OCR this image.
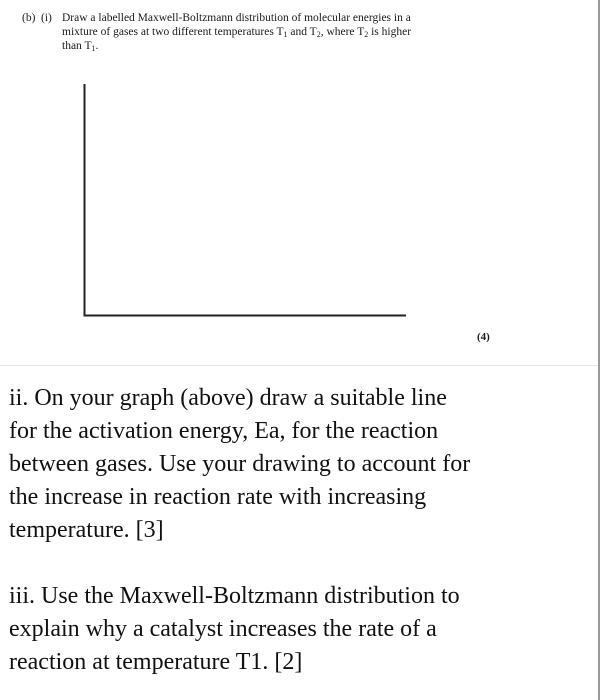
(b) (i) Draw a labelled Maxwell-Boltzmann distribution of molecular energies in a
mixture of gases at two different temperatures $T_1$ and $T_2$, where $T_2$ is higher
than $T_1$.
(4)
ii. On your graph (above) draw a suitable line
for the activation energy, Ea, for the reaction
between gases. Use your drawing to account for
the increase in reaction rate with increasing
temperature. [3]
iii. Use the Maxwell-Boltzmann distribution to
explain why a catalyst increases the rate of a
reaction at temperature T1. [2]
